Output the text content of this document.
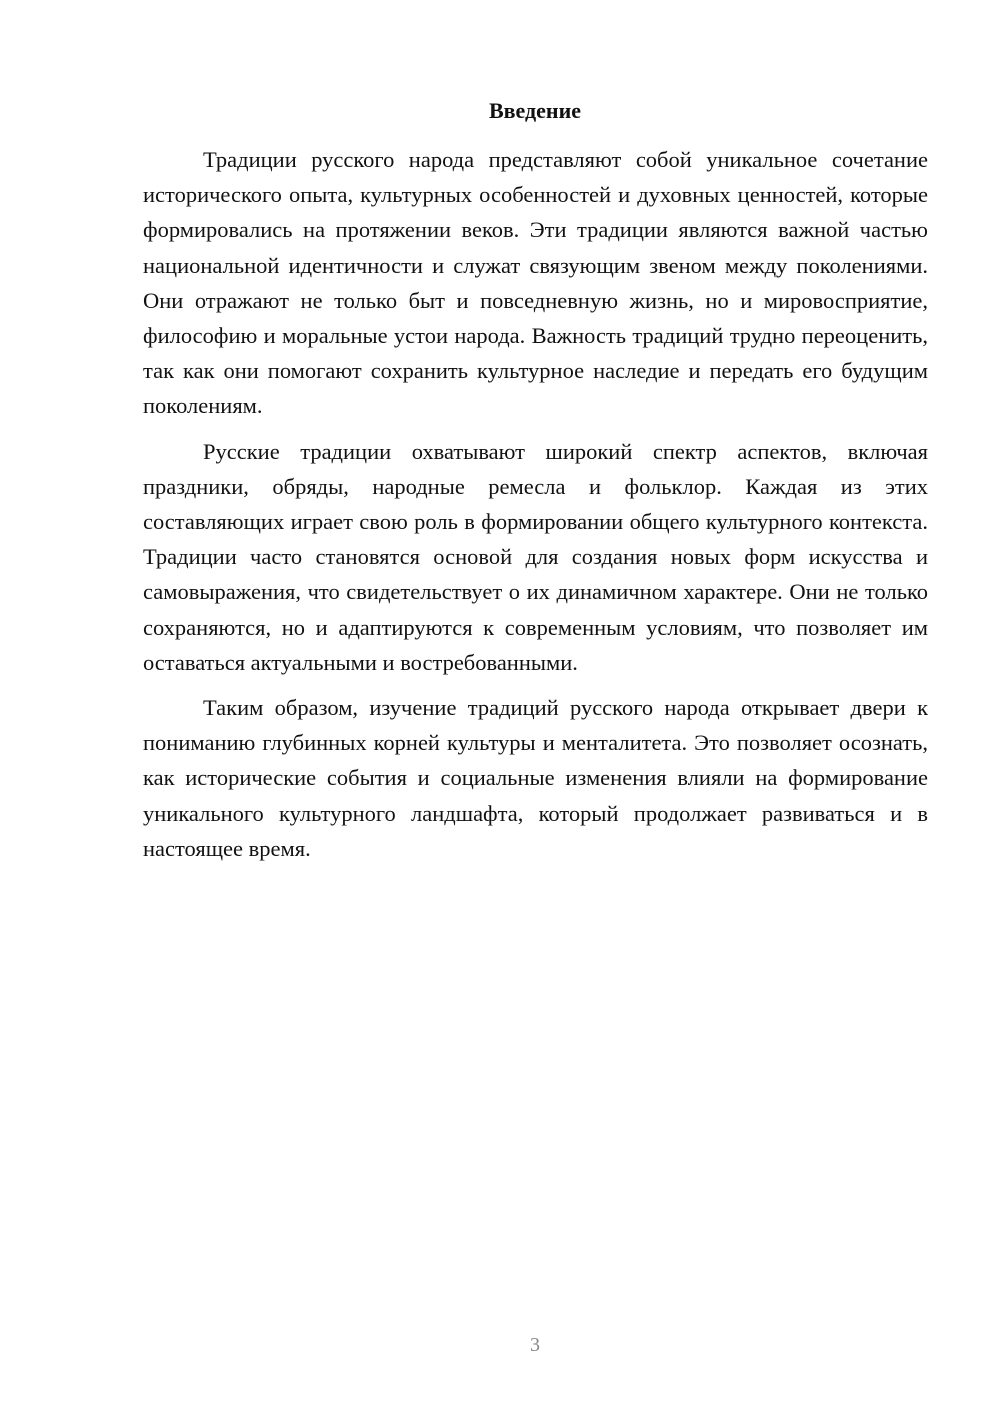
Введение

Традиции русского народа представляют собой уникальное сочетание исторического опыта, культурных особенностей и духовных ценностей, которые формировались на протяжении веков. Эти традиции являются важной частью национальной идентичности и служат связующим звеном между поколениями. Они отражают не только быт и повседневную жизнь, но и мировосприятие, философию и моральные устои народа. Важность традиций трудно переоценить, так как они помогают сохранить культурное наследие и передать его будущим поколениям.

Русские традиции охватывают широкий спектр аспектов, включая праздники, обряды, народные ремесла и фольклор. Каждая из этих составляющих играет свою роль в формировании общего культурного контекста. Традиции часто становятся основой для создания новых форм искусства и самовыражения, что свидетельствует о их динамичном характере. Они не только сохраняются, но и адаптируются к современным условиям, что позволяет им оставаться актуальными и востребованными.

Таким образом, изучение традиций русского народа открывает двери к пониманию глубинных корней культуры и менталитета. Это позволяет осознать, как исторические события и социальные изменения влияли на формирование уникального культурного ландшафта, который продолжает развиваться и в настоящее время.

3
